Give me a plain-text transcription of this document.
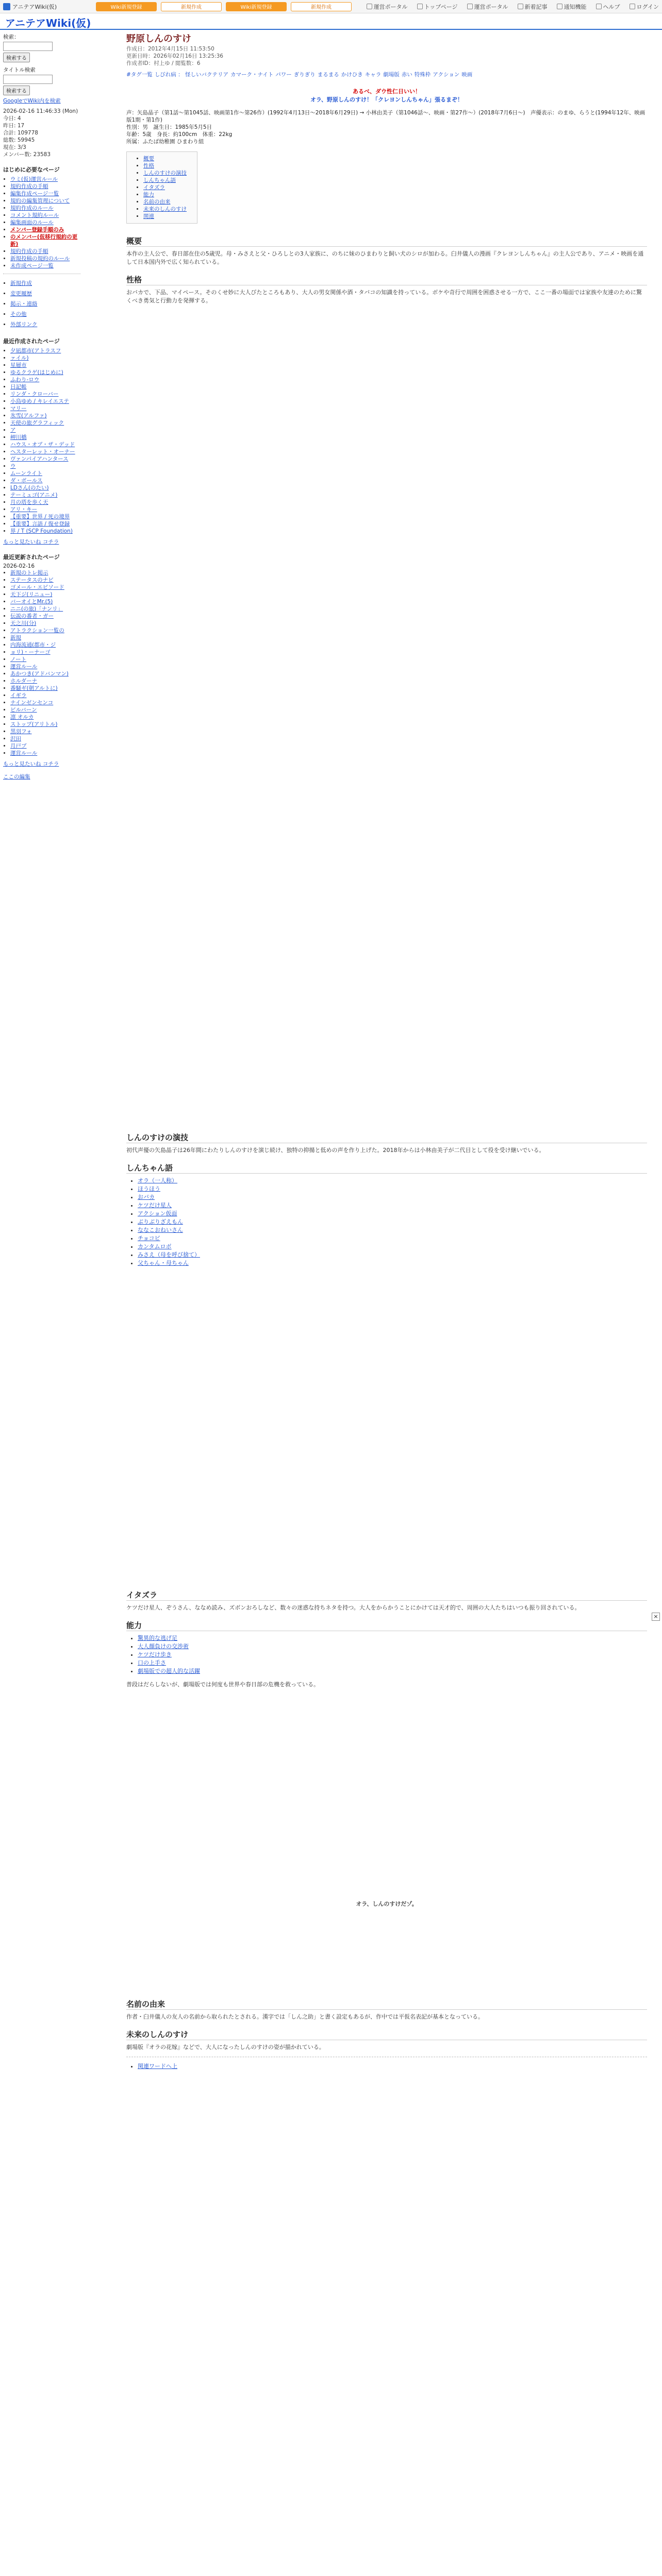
アニテアWiki(仮)	Wiki新規登録	新規作成	Wiki新規登録	新規作成	運営ポータル	トップページ	運営ポータル	新着記事	通知機能	ヘルプ	ログイン
アニテアWiki(仮)
検索：
検索する
タイトル検索
検索する
GoogleでWiki内を検索
2026-02-16 11:46:33 (Mon)
今日: 4
昨日: 17
合計: 109778
総数: 59945
現在: 3/3
メンバー数: 23583
はじめに必要なページ
• ウミ(仮)運営ルール
• 規約作成の手順
• 編集作成ページ一覧
• 規約の編集管理について
• 規約作成のルール
• コメント規約ルール
• 編集画面のルール
• メンバー登録手順のみ
• のメンバー(仮移行規約の更新)
• 規約作成の手順
• 新規投稿の規約のルール
• 未作成ページ一覧
• 新規作成
• 変更履歴
• 掲示・連絡
• その他
• 外部リンク
最近作成されたページ
• 夕凪都市(アトラスフ
• ァイル)
• 星層市
• ゆるクラゲ(はじめに)
• ふわり-ロウ
• 日記帳
• リンダ・クローバー
• 小鳥ゆめ / キレイエステ
• マリー
• 氷雪(アルファ)
• 天使の旅グラフィック
• ア
• 岬川橋
• ハウス・オブ・ザ・デッド
• ヘスターレット・オーナー
• ヴァンパイアハンタース
• ウ
• ムーンライト
• ダ・ボールス
• LDさん(のたい)
• テーミュゴ(アニメ)
• 月の塔を歩く天
• アリ・キー
• 【重要】世界 / 死の境界
• 【重要】言語 / 復せ登録
• 界 / T (SCP Foundation)
もっと見たいね コチラ
最近更新されたページ
2026-02-16
• 新規のトレ掲示
• ステータスのナビ
• ゴメール・エピソード
• 天下ジ(リニュー)
• バーオイとMr.(5)
• ニニ(の旅)「ナンリ」
• 伝説の番者・ガー
• 天之川(分)
• アトラクション一覧の
• 新規
• 内海流通(都市・ジ
• ョリ)・ーナーゴ
• ノート
• 運営ルール
• あかつき(アドバンマン)
• ホルダーナ
• 番騒ギ(朝アルトに)
• イギラ
• ナインゼンセンコ
• ビルバーン
• 凛 オルカ
• ストップ(アリトル)
• 黒羽フォ
• 沢田
• 月戸ブ
• 運営ルール
もっと見たいね コチラ
ここの編集
野原しんのすけ
作成日：2012年4月15日 11:53:50
更新日時：2026年02月16日 13:25:36
作成者ID：村上ゆ / 閲覧数：6
#タグ一覧 しびれ病 ： 怪しいバクテリア カマーク・ナイト パワー ぎりぎり まるまる かけひき キャラ 劇場版 赤い 特殊枠 アクション 映画
あるべ、ダウ性仁日いい！
オラ、野原しんのすけ！「クレヨンしんちゃん」張るまぞ！
声：矢島晶子（第1話～第1045話、映画第1作～第26作）(1992年4月13日～2018年6月29日) → 小林由美子（第1046話～、映画・第27作～）(2018年7月6日～)　声優表示：のまゆ、らうと(1994年12年、映画版1期・第1作)
性別：男　誕生日：1985年5月5日
年齢：5歳　身長：約100cm　体重：22kg
所属：ふたば幼稚園 ひまわり組
• 概要
• 性格
• しんのすけの演技
• しんちゃん語
• イタズラ
• 能力
• 名前の由来
• 未来のしんのすけ
• 関連
概要
本作の主人公で、春日部在住の5歳児。母・みさえと父・ひろしとの3人家族に、のちに妹のひまわりと飼い犬のシロが加わる。臼井儀人の漫画『クレヨンしんちゃん』の主人公であり、アニメ・映画を通して日本国内外で広く知られている。
性格
おバカで、下品、マイペース。そのくせ妙に大人びたところもあり、大人の男女関係や酒・タバコの知識を持っている。ボケや奇行で周囲を困惑させる一方で、ここ一番の場面では家族や友達のために驚くべき勇気と行動力を発揮する。
しんのすけの演技
初代声優の矢島晶子は26年間にわたりしんのすけを演じ続け、独特の抑揚と低めの声を作り上げた。2018年からは小林由美子が二代目として役を受け継いでいる。
しんちゃん語
• オラ（一人称）
• ほうほう
• おバカ
• ケツだけ星人
• アクション仮面
• ぶりぶりざえもん
• ななこおねいさん
• チョコビ
• カンタムロボ
• みさえ（母を呼び捨て）
• 父ちゃん・母ちゃん
イタズラ
ケツだけ星人、ぞうさん、ななめ読み、ズボンおろしなど、数々の迷惑な持ちネタを持つ。大人をからかうことにかけては天才的で、周囲の大人たちはいつも振り回されている。
能力
• 驚異的な逃げ足
• 大人顔負けの交渉術
• ケツだけ歩き
• 口の上手さ
• 劇場版での超人的な活躍
普段はだらしないが、劇場版では何度も世界や春日部の危機を救っている。
オラ、しんのすけだゾ。
名前の由来
作者・臼井儀人の友人の名前から取られたとされる。漢字では「しん之助」と書く設定もあるが、作中では平仮名表記が基本となっている。
未来のしんのすけ
劇場版『オラの花嫁』などで、大人になったしんのすけの姿が描かれている。
• 関連ワードへ上
×
